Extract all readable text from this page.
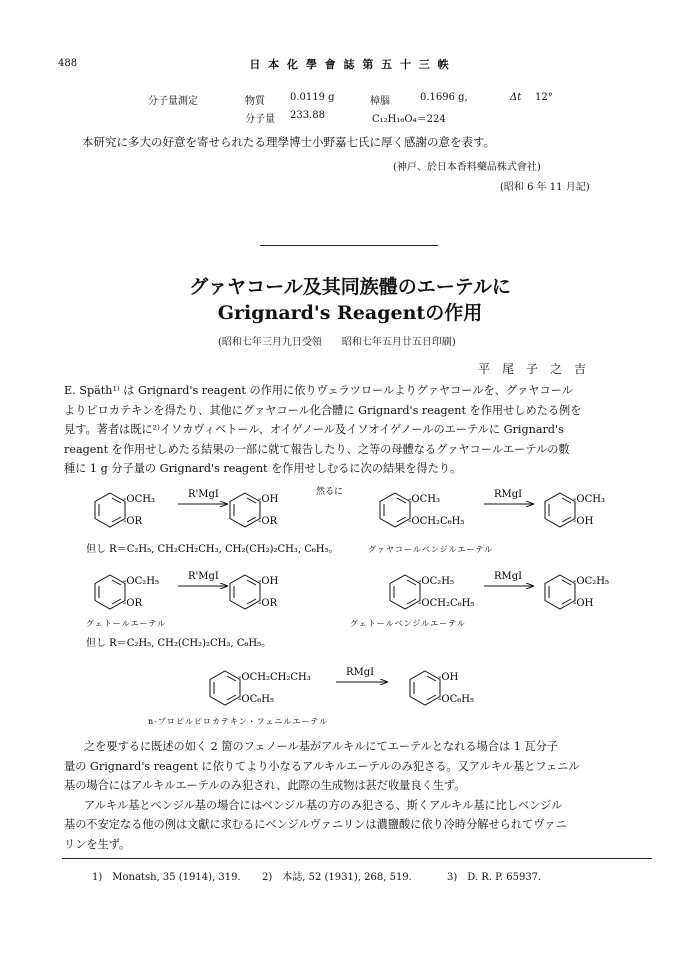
488	日 本 化 學 會 誌 第 五 十 三 帙
分子量測定	物質	0.0119 g	樟腦	0.1696 g,	Δt 12°
分子量 233.88	C₁₂H₁₆O₄＝224
本研究に多大の好意を寄せられたる理學博士小野嘉七氏に厚く感謝の意を表す。
(神戸、於日本香料藥品株式會社)
(昭和 6 年 11 月記)
グァヤコール及其同族體のエーテルに
Grignard's Reagentの作用
(昭和七年三月九日受領　　昭和七年五月廿五日印刷)
平　尾　子　之　吉
E. Späth¹⁾ は Grignard's reagent の作用に依りヴェラツロールよりグァヤコールを、グァヤコール
よりピロカテキンを得たり、其他にグァヤコール化合體に Grignard's reagent を作用せしめたる例を
見す。著者は既に²⁾イソカヴィベトール、オイゲノール及イソオイゲノールのエーテルに Grignard's
reagent を作用せしめたる結果の一部に就て報告したり、之等の母體なるグァヤコールエーテルの數
種に 1 g 分子量の Grignard's reagent を作用せしむるに次の結果を得たり。
-OCH₃
-OR
R'MgI	-OH
-OR
然るに
-OCH₃
-OCH₂C₆H₅
RMgI	-OCH₃
-OH
但し R＝C₂H₅, CH₂CH₂CH₃, CH₂(CH₂)₂CH₃, C₆H₅。	グァヤコールベンジルエーテル
-OC₂H₅
-OR
R'MgI	-OH
-OR
-OC₂H₅
-OCH₂C₆H₅
RMgI	-OC₂H₅
-OH
グェトールエーテル	グェトールベンジルエーテル
但し R＝C₂H₅, CH₂(CH₂)₂CH₃, C₆H₅。
-OCH₂CH₂CH₃
-OC₆H₅
RMgI	-OH
-OC₆H₅
n-プロピルピロカテキン・フェニルエーテル
之を要するに既述の如く 2 箇のフェノール基がアルキルにてエーテルとなれる場合は 1 瓦分子
量の Grignard's reagent に依りてより小なるアルキルエーテルのみ犯さる。又アルキル基とフェニル
基の場合にはアルキルエーテルのみ犯され、此際の生成物は甚だ收量良く生ず。
アルキル基とベンジル基の場合にはベンジル基の方のみ犯さる、斯くアルキル基に比しベンジル
基の不安定なる他の例は文獻に求むるにベンジルヴァニリンは濃鹽酸に依り冷時分解せられてヴァニ
リンを生ず。
1)　Monatsh, 35 (1914), 319. 2)　本誌, 52 (1931), 268, 519.	3)　D. R. P. 65937.
